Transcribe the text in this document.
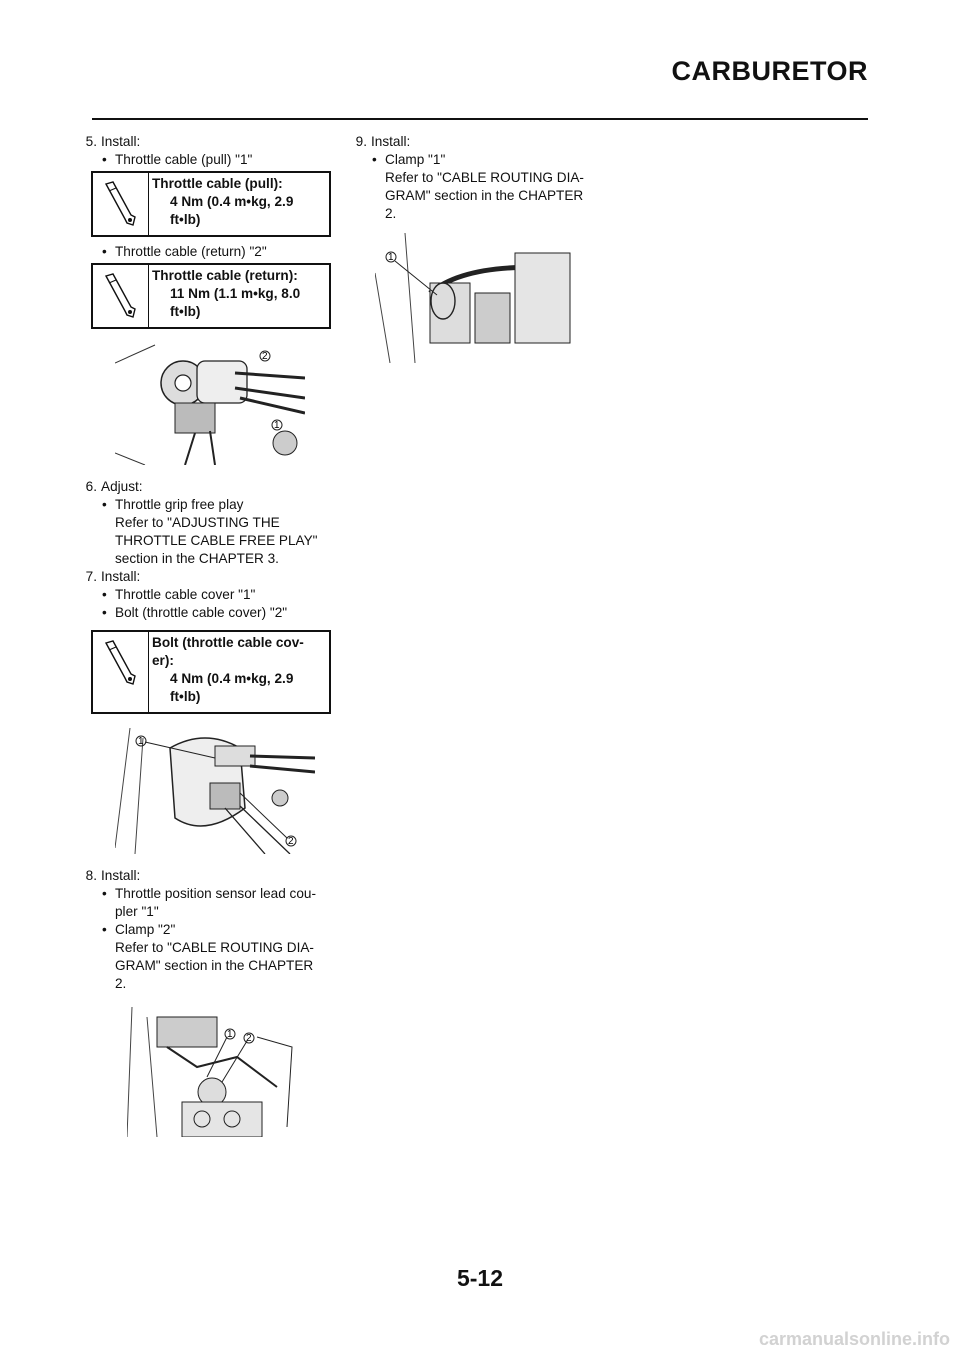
CARBURETOR
5. Install:
• Throttle cable (pull) "1"
Throttle cable (pull):
4 Nm (0.4 m•kg, 2.9
ft•lb)
• Throttle cable (return) "2"
Throttle cable (return):
11 Nm (1.1 m•kg, 8.0
ft•lb)
2
1
6. Adjust:
• Throttle grip free play
Refer to "ADJUSTING THE
THROTTLE CABLE FREE PLAY"
section in the CHAPTER 3.
7. Install:
• Throttle cable cover "1"
• Bolt (throttle cable cover) "2"
Bolt (throttle cable cov-
er):
4 Nm (0.4 m•kg, 2.9
ft•lb)
1
2
8. Install:
• Throttle position sensor lead cou-
pler "1"
• Clamp "2"
Refer to "CABLE ROUTING DIA-
GRAM" section in the CHAPTER
2.
1 2
9. Install:
• Clamp "1"
Refer to "CABLE ROUTING DIA-
GRAM" section in the CHAPTER
2.
1
5-12
carmanualsonline.info
